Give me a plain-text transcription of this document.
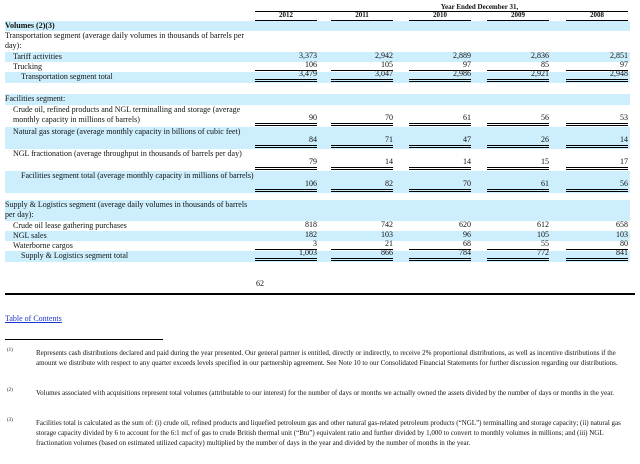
Year Ended December 31,
2012	2011	2010	2009	2008
Volumes (2)(3)
Transportation segment (average daily volumes in thousands of barrels per day):
Tariff activities	3,373	2,942	2,889	2,836	2,851
Trucking	106	105	97	85	97
Transportation segment total	3,479	3,047	2,986	2,921	2,948
Facilities segment:
Crude oil, refined products and NGL terminalling and storage (average monthly capacity in millions of barrels)	90	70	61	56	53
Natural gas storage (average monthly capacity in billions of cubic feet)
84	71	47	26	14
NGL fractionation (average throughput in thousands of barrels per day)
79	14	14	15	17
Facilities segment total (average monthly capacity in millions of barrels)
106	82	70	61	56
Supply & Logistics segment (average daily volumes in thousands of barrels per day):
Crude oil lease gathering purchases	818	742	620	612	658
NGL sales	182	103	96	105	103
Waterborne cargos	3	21	68	55	80
Supply & Logistics segment total	1,003	866	784	772	841
62
Table of Contents
(1)	Represents cash distributions declared and paid during the year presented. Our general partner is entitled, directly or indirectly, to receive 2% proportional distributions, as well as incentive distributions if the amount we distribute with respect to any quarter exceeds levels specified in our partnership agreement. See Note 10 to our Consolidated Financial Statements for further discussion regarding our distributions.
(2)	Volumes associated with acquisitions represent total volumes (attributable to our interest) for the number of days or months we actually owned the assets divided by the number of days or months in the year.
(3)	Facilities total is calculated as the sum of: (i) crude oil, refined products and liquefied petroleum gas and other natural gas-related petroleum products (“NGL”) terminalling and storage capacity; (ii) natural gas storage capacity divided by 6 to account for the 6:1 mcf of gas to crude British thermal unit (“Btu”) equivalent ratio and further divided by 1,000 to convert to monthly volumes in millions; and (iii) NGL fractionation volumes (based on estimated utilized capacity) multiplied by the number of days in the year and divided by the number of months in the year.
